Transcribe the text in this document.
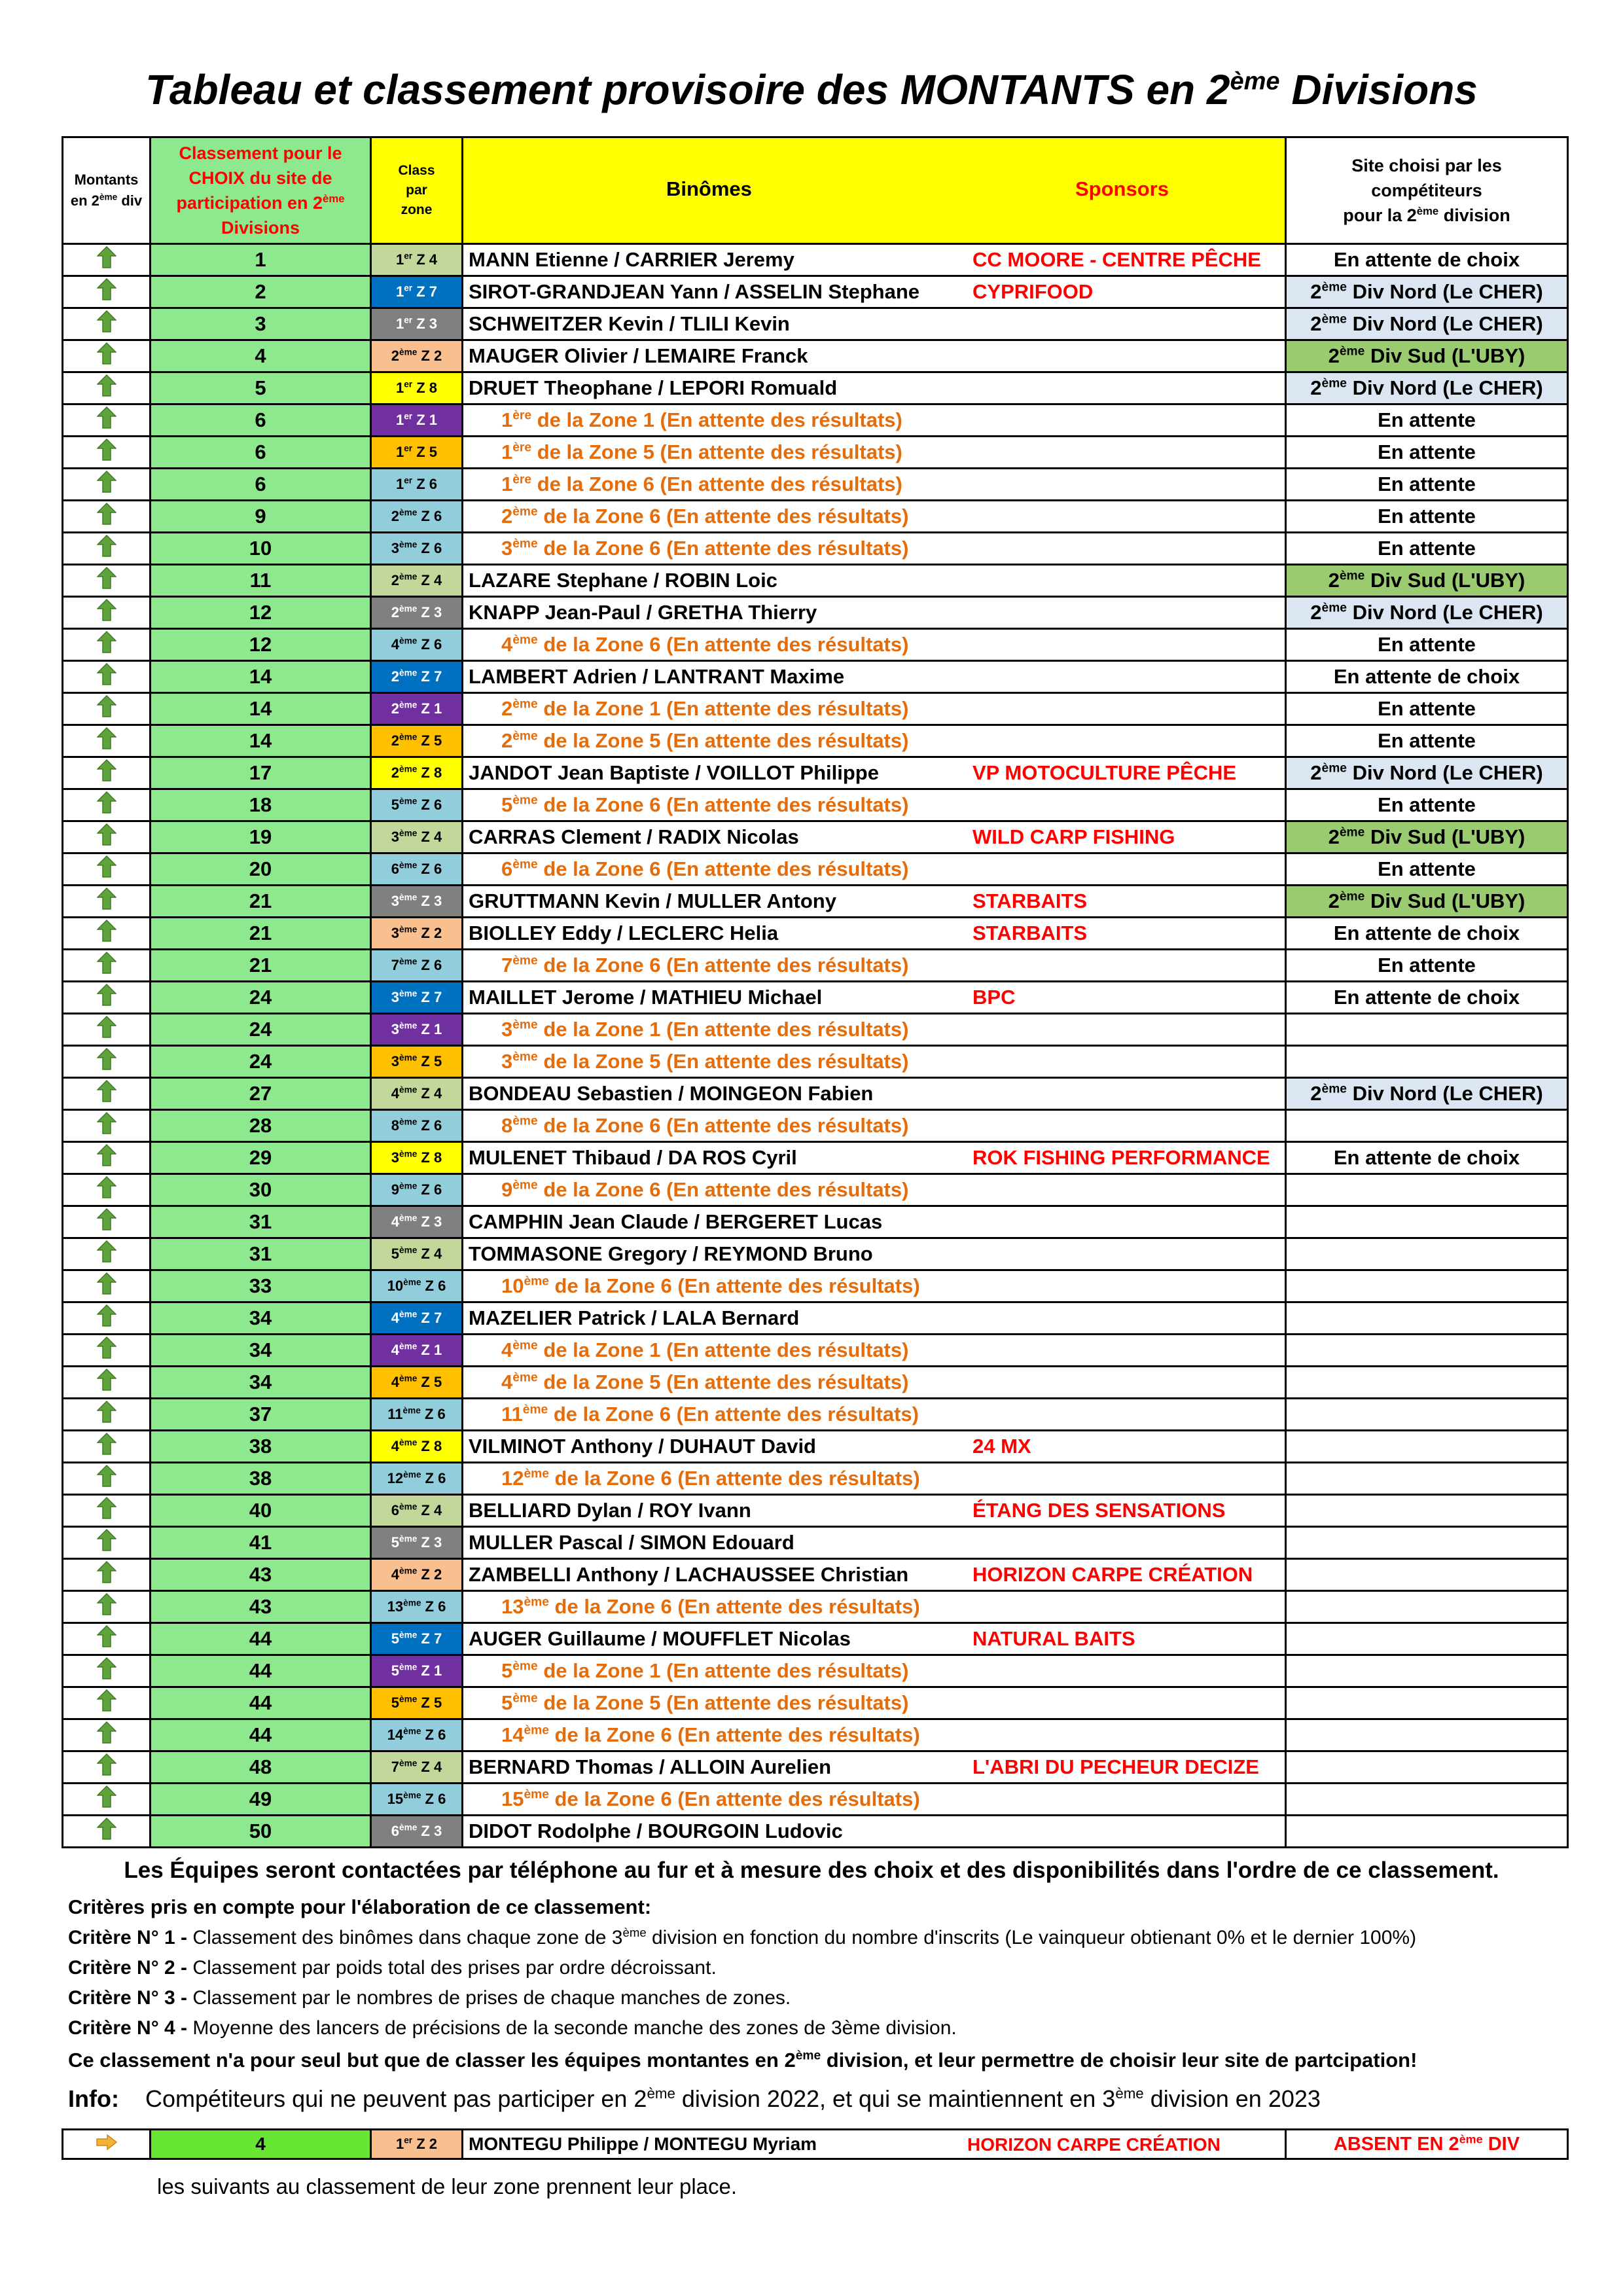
Tableau et classement provisoire des MONTANTS en 2ème Divisions
Montants
en 2ème div	Classement pour le
CHOIX du site de
participation en 2ème
Divisions	Class
par
zone	Binômes Sponsors	Site choisi par les
compétiteurs
pour la 2ème division
	1	1er Z 4	MANN Etienne / CARRIER Jeremy CC MOORE - CENTRE PÊCHE	En attente de choix
	2	1er Z 7	SIROT-GRANDJEAN Yann / ASSELIN Stephane CYPRIFOOD	2ème Div Nord (Le CHER)
	3	1er Z 3	SCHWEITZER Kevin / TLILI Kevin	2ème Div Nord (Le CHER)
	4	2ème Z 2	MAUGER Olivier / LEMAIRE Franck	2ème Div Sud (L'UBY)
	5	1er Z 8	DRUET Theophane / LEPORI Romuald	2ème Div Nord (Le CHER)
	6	1er Z 1	1ère de la Zone 1 (En attente des résultats)	En attente
	6	1er Z 5	1ère de la Zone 5 (En attente des résultats)	En attente
	6	1er Z 6	1ère de la Zone 6 (En attente des résultats)	En attente
	9	2ème Z 6	2ème de la Zone 6 (En attente des résultats)	En attente
	10	3ème Z 6	3ème de la Zone 6 (En attente des résultats)	En attente
	11	2ème Z 4	LAZARE Stephane / ROBIN Loic	2ème Div Sud (L'UBY)
	12	2ème Z 3	KNAPP Jean-Paul / GRETHA Thierry	2ème Div Nord (Le CHER)
	12	4ème Z 6	4ème de la Zone 6 (En attente des résultats)	En attente
	14	2ème Z 7	LAMBERT Adrien / LANTRANT Maxime	En attente de choix
	14	2ème Z 1	2ème de la Zone 1 (En attente des résultats)	En attente
	14	2ème Z 5	2ème de la Zone 5 (En attente des résultats)	En attente
	17	2ème Z 8	JANDOT Jean Baptiste / VOILLOT Philippe VP MOTOCULTURE PÊCHE	2ème Div Nord (Le CHER)
	18	5ème Z 6	5ème de la Zone 6 (En attente des résultats)	En attente
	19	3ème Z 4	CARRAS Clement / RADIX Nicolas WILD CARP FISHING	2ème Div Sud (L'UBY)
	20	6ème Z 6	6ème de la Zone 6 (En attente des résultats)	En attente
	21	3ème Z 3	GRUTTMANN Kevin / MULLER Antony STARBAITS	2ème Div Sud (L'UBY)
	21	3ème Z 2	BIOLLEY Eddy / LECLERC Helia STARBAITS	En attente de choix
	21	7ème Z 6	7ème de la Zone 6 (En attente des résultats)	En attente
	24	3ème Z 7	MAILLET Jerome / MATHIEU Michael BPC	En attente de choix
	24	3ème Z 1	3ème de la Zone 1 (En attente des résultats)	

	24	3ème Z 5	3ème de la Zone 5 (En attente des résultats)	

	27	4ème Z 4	BONDEAU Sebastien / MOINGEON Fabien	2ème Div Nord (Le CHER)
	28	8ème Z 6	8ème de la Zone 6 (En attente des résultats)	

	29	3ème Z 8	MULENET Thibaud / DA ROS Cyril ROK FISHING PERFORMANCE	En attente de choix
	30	9ème Z 6	9ème de la Zone 6 (En attente des résultats)	

	31	4ème Z 3	CAMPHIN Jean Claude / BERGERET Lucas	

	31	5ème Z 4	TOMMASONE Gregory / REYMOND Bruno	

	33	10ème Z 6	10ème de la Zone 6 (En attente des résultats)	

	34	4ème Z 7	MAZELIER Patrick / LALA Bernard	

	34	4ème Z 1	4ème de la Zone 1 (En attente des résultats)	

	34	4ème Z 5	4ème de la Zone 5 (En attente des résultats)	

	37	11ème Z 6	11ème de la Zone 6 (En attente des résultats)	

	38	4ème Z 8	VILMINOT Anthony / DUHAUT David 24 MX	

	38	12ème Z 6	12ème de la Zone 6 (En attente des résultats)	

	40	6ème Z 4	BELLIARD Dylan / ROY Ivann ÉTANG DES SENSATIONS	

	41	5ème Z 3	MULLER Pascal / SIMON Edouard	

	43	4ème Z 2	ZAMBELLI Anthony / LACHAUSSEE Christian HORIZON CARPE CRÉATION	

	43	13ème Z 6	13ème de la Zone 6 (En attente des résultats)	

	44	5ème Z 7	AUGER Guillaume / MOUFFLET Nicolas NATURAL BAITS	

	44	5ème Z 1	5ème de la Zone 1 (En attente des résultats)	

	44	5ème Z 5	5ème de la Zone 5 (En attente des résultats)	

	44	14ème Z 6	14ème de la Zone 6 (En attente des résultats)	

	48	7ème Z 4	BERNARD Thomas / ALLOIN Aurelien L'ABRI DU PECHEUR DECIZE	

	49	15ème Z 6	15ème de la Zone 6 (En attente des résultats)	

	50	6ème Z 3	DIDOT Rodolphe / BOURGOIN Ludovic	

Les Équipes seront contactées par téléphone au fur et à mesure des choix et des disponibilités dans l'ordre de ce classement.
Critères pris en compte pour l'élaboration de ce classement:
Critère N° 1 - Classement des binômes dans chaque zone de 3ème division en fonction du nombre d'inscrits (Le vainqueur obtienant 0% et le dernier 100%)
Critère N° 2 - Classement par poids total des prises par ordre décroissant.
Critère N° 3 - Classement par le nombres de prises de chaque manches de zones.
Critère N° 4 - Moyenne des lancers de précisions de la seconde manche des zones de 3ème division.
Ce classement n'a pour seul but que de classer les équipes montantes en 2ème division, et leur permettre de choisir leur site de partcipation!
Info: Compétiteurs qui ne peuvent pas participer en 2ème division 2022, et qui se maintiennent en 3ème division en 2023
	4	1er Z 2	MONTEGU Philippe / MONTEGU Myriam	HORIZON CARPE CRÉATION	ABSENT EN 2ème DIV
les suivants au classement de leur zone prennent leur place.
